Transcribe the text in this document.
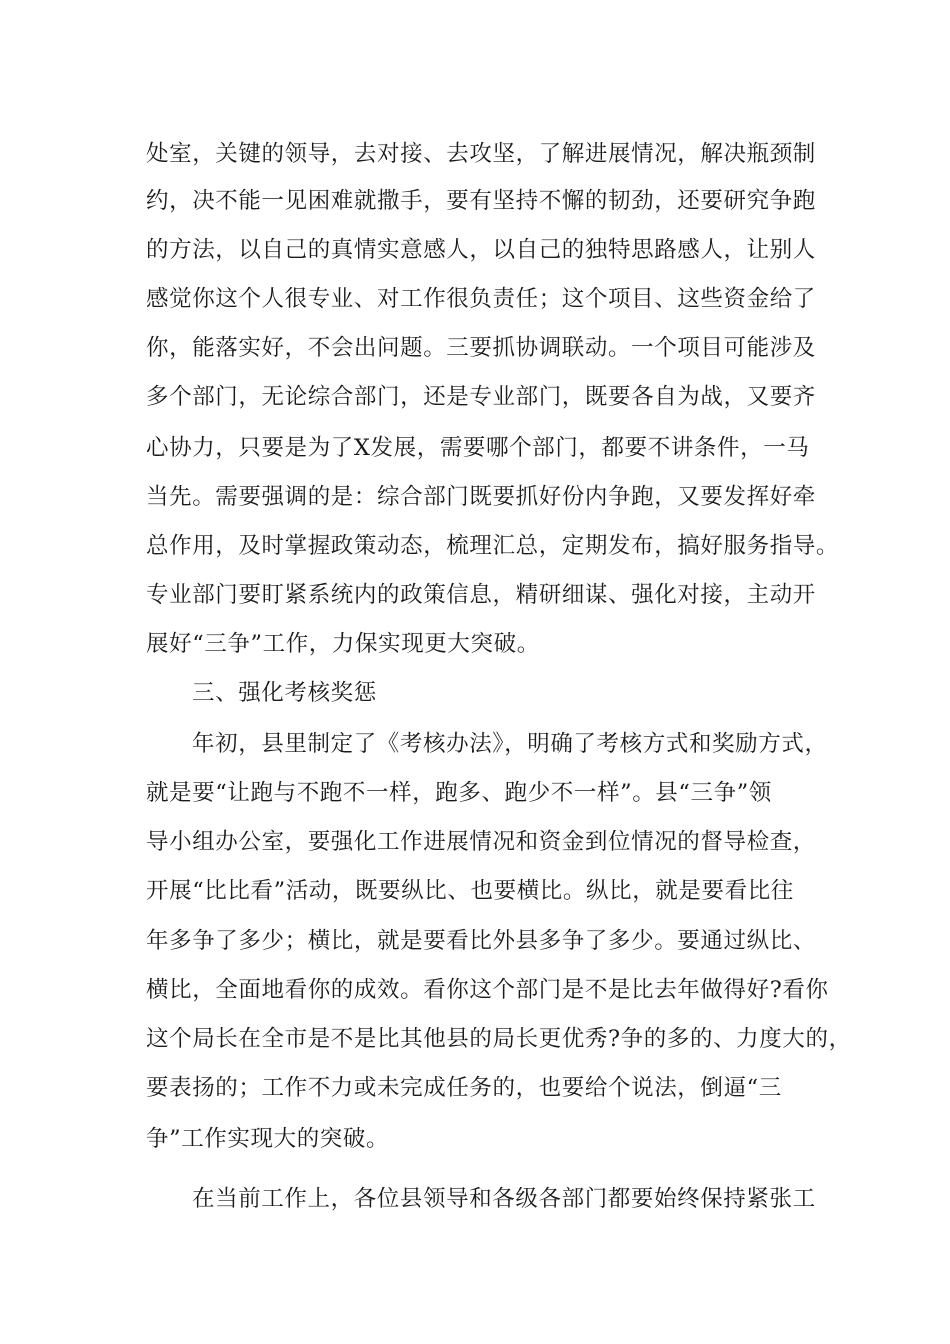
处室，关键的领导，去对接、去攻坚，了解进展情况，解决瓶颈制
约，决不能一见困难就撒手，要有坚持不懈的韧劲，还要研究争跑
的方法，以自己的真情实意感人，以自己的独特思路感人，让别人
感觉你这个人很专业、对工作很负责任；这个项目、这些资金给了
你，能落实好，不会出问题。三要抓协调联动。一个项目可能涉及
多个部门，无论综合部门，还是专业部门，既要各自为战，又要齐
心协力，只要是为了X发展，需要哪个部门，都要不讲条件，一马
当先。需要强调的是：综合部门既要抓好份内争跑，又要发挥好牵
总作用，及时掌握政策动态，梳理汇总，定期发布，搞好服务指导。
专业部门要盯紧系统内的政策信息，精研细谋、强化对接，主动开
展好“三争”工作，力保实现更大突破。
三、强化考核奖惩
年初，县里制定了《考核办法》，明确了考核方式和奖励方式，
就是要“让跑与不跑不一样，跑多、跑少不一样”。县“三争”领
导小组办公室，要强化工作进展情况和资金到位情况的督导检查，
开展“比比看”活动，既要纵比、也要横比。纵比，就是要看比往
年多争了多少；横比，就是要看比外县多争了多少。要通过纵比、
横比，全面地看你的成效。看你这个部门是不是比去年做得好?看你
这个局长在全市是不是比其他县的局长更优秀?争的多的、力度大的，
要表扬的；工作不力或未完成任务的，也要给个说法，倒逼“三
争”工作实现大的突破。
在当前工作上，各位县领导和各级各部门都要始终保持紧张工
